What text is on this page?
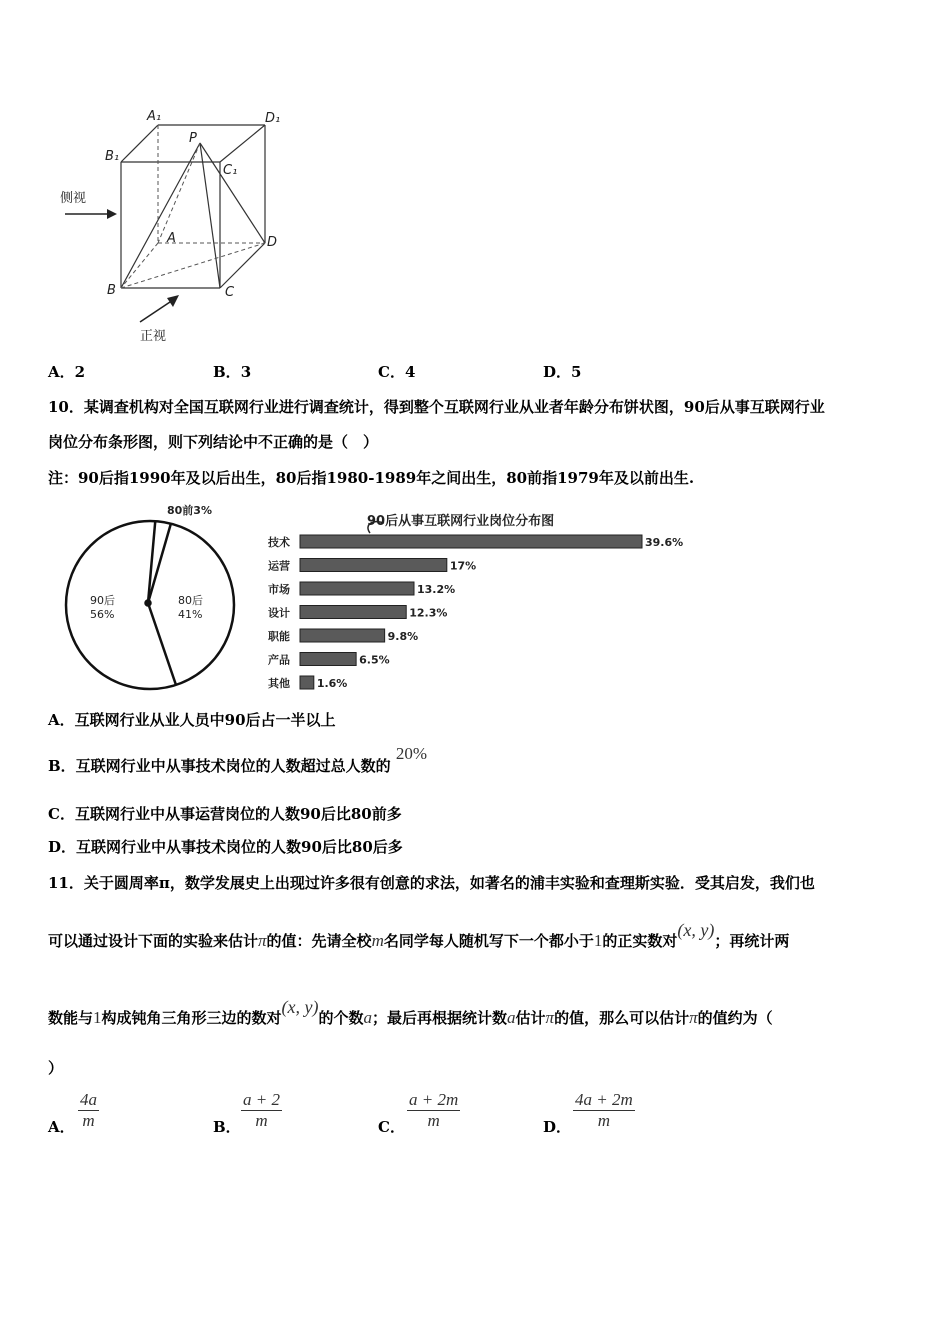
A₁	D₁
B₁
C₁
P
A	D
B	C
侧视
正视
A．2	B．3	C．4	D．5
10．某调查机构对全国互联网行业进行调查统计，得到整个互联网行业从业者年龄分布饼状图，90后从事互联网行业
岗位分布条形图，则下列结论中不正确的是（　）
注：90后指1990年及以后出生，80后指1980-1989年之间出生，80前指1979年及以前出生.
90后
56%
80后
41%
80前3%
90后从事互联网行业岗位分布图
技术	39.6%
运营	17%
市场	13.2%
设计	12.3%
职能	9.8%
产品	6.5%
其他 1.6%
A．互联网行业从业人员中90后占一半以上
B．互联网行业中从事技术岗位的人数超过总人数的 20%
C．互联网行业中从事运营岗位的人数90后比80前多
D．互联网行业中从事技术岗位的人数90后比80后多
11．关于圆周率π，数学发展史上出现过许多很有创意的求法，如著名的浦丰实验和查理斯实验．受其启发，我们也
可以通过设计下面的实验来估计π的值：先请全校m名同学每人随机写下一个都小于1的正实数对(x, y)；再统计两
数能与1构成钝角三角形三边的数对(x, y)的个数a；最后再根据统计数a估计π的值，那么可以估计π的值约为（
）
A． $\frac{4a}{m}$	B． $\frac{a + 2}{m}$	C． $\frac{a + 2m}{m}$	D． $\frac{4a + 2m}{m}$
